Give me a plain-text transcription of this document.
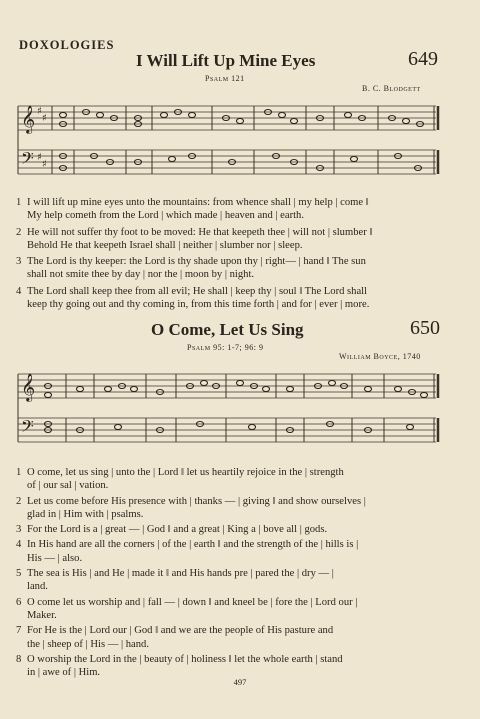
DOXOLOGIES
I Will Lift Up Mine Eyes	649
Psalm 121
B. C. Blodgett
𝄞
𝄢
♯
♯
♯
♯
1 I will lift up mine eyes unto the mountains: from whence shall | my help | come ‖
My help cometh from the Lord | which made | heaven and | earth.
2 He will not suffer thy foot to be moved: He that keepeth thee | will not | slumber ‖
Behold He that keepeth Israel shall | neither | slumber nor | sleep.
3 The Lord is thy keeper: the Lord is thy shade upon thy | right— | hand ‖ The sun
shall not smite thee by day | nor the | moon by | night.
4 The Lord shall keep thee from all evil; He shall | keep thy | soul ‖ The Lord shall
keep thy going out and thy coming in, from this time forth | and for | ever | more.
O Come, Let Us Sing	650
Psalm 95: 1-7; 96: 9
William Boyce, 1740
𝄞
𝄢
1 O come, let us sing | unto the | Lord ‖ let us heartily rejoice in the | strength
of | our sal | vation.
2 Let us come before His presence with | thanks — | giving ‖ and show ourselves |
glad in | Him with | psalms.
3 For the Lord is a | great — | God ‖ and a great | King a | bove all | gods.
4 In His hand are all the corners | of the | earth ‖ and the strength of the | hills is |
His — | also.
5 The sea is His | and He | made it ‖ and His hands pre | pared the | dry — |
land.
6 O come let us worship and | fall — | down ‖ and kneel be | fore the | Lord our |
Maker.
7 For He is the | Lord our | God ‖ and we are the people of His pasture and
the | sheep of | His — | hand.
8 O worship the Lord in the | beauty of | holiness ‖ let the whole earth | stand
in | awe of | Him.
497
